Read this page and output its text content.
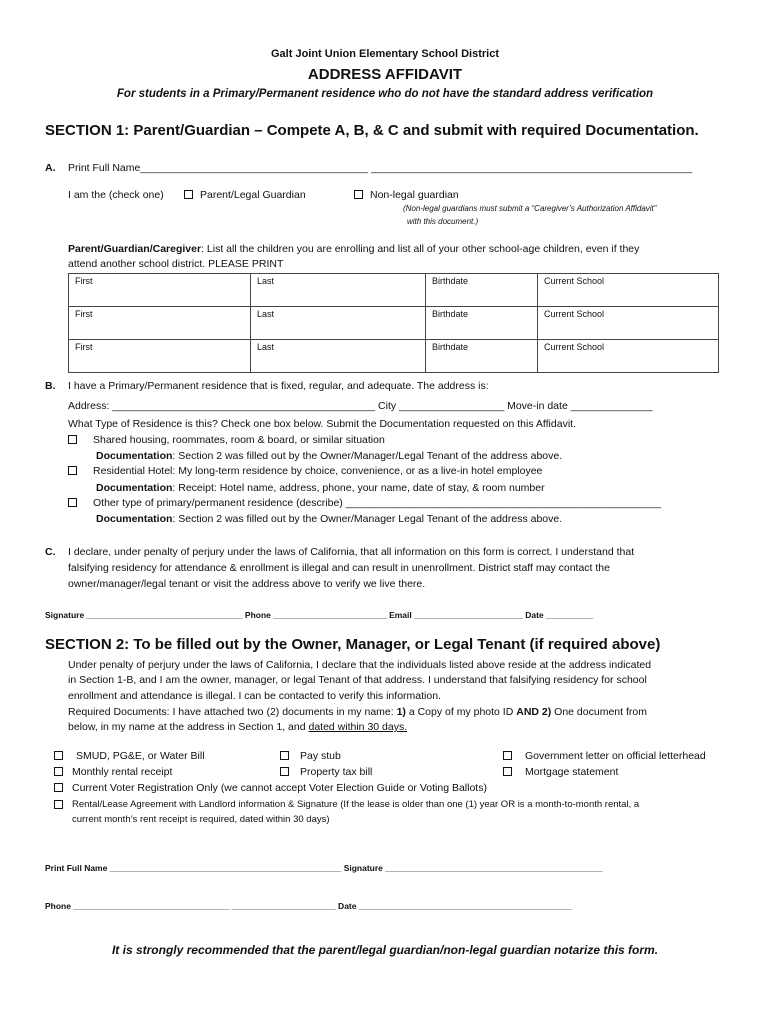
Galt Joint Union Elementary School District
ADDRESS AFFIDAVIT
For students in a Primary/Permanent residence who do not have the standard address verification
SECTION 1: Parent/Guardian – Compete A, B, & C and submit with required Documentation.
A. Print Full Name_______________________________________ _______________________________________________________
I am the (check one)	Parent/Legal Guardian	Non-legal guardian
(Non-legal guardians must submit a “Caregiver’s Authorization Affidavit”
with this document.)
Parent/Guardian/Caregiver: List all the children you are enrolling and list all of your other school-age children, even if they
attend another school district. PLEASE PRINT
First	Last	Birthdate	Current School
First	Last	Birthdate	Current School
First	Last	Birthdate	Current School
B. I have a Primary/Permanent residence that is fixed, regular, and adequate. The address is:
Address: _____________________________________________ City __________________ Move-in date ______________
What Type of Residence is this? Check one box below. Submit the Documentation requested on this Affidavit.
Shared housing, roommates, room & board, or similar situation
Documentation: Section 2 was filled out by the Owner/Manager/Legal Tenant of the address above.
Residential Hotel: My long-term residence by choice, convenience, or as a live-in hotel employee
Documentation: Receipt: Hotel name, address, phone, your name, date of stay, & room number
Other type of primary/permanent residence (describe) ______________________________________________________
Documentation: Section 2 was filled out by the Owner/Manager Legal Tenant of the address above.
C. I declare, under penalty of perjury under the laws of California, that all information on this form is correct. I understand that
falsifying residency for attendance & enrollment is illegal and can result in unenrollment. District staff may contact the
owner/manager/legal tenant or visit the address above to verify we live there.
Signature _________________________________ Phone ________________________ Email _______________________ Date __________
SECTION 2: To be filled out by the Owner, Manager, or Legal Tenant (if required above)
Under penalty of perjury under the laws of California, I declare that the individuals listed above reside at the address indicated
in Section 1-B, and I am the owner, manager, or legal Tenant of that address. I understand that falsifying residency for school
enrollment and attendance is illegal. I can be contacted to verify this information.
Required Documents: I have attached two (2) documents in my name: 1) a Copy of my photo ID AND 2) One document from
below, in my name at the address in Section 1, and dated within 30 days.
SMUD, PG&E, or Water Bill	Pay stub	Government letter on official letterhead
Monthly rental receipt	Property tax bill	Mortgage statement
Current Voter Registration Only (we cannot accept Voter Election Guide or Voting Ballots)
Rental/Lease Agreement with Landlord information & Signature (If the lease is older than one (1) year OR is a month-to-month rental, a
current month’s rent receipt is required, dated within 30 days)
Print Full Name _________________________________________________ Signature ______________________________________________
Phone _________________________________ ______________________ Date _____________________________________________
It is strongly recommended that the parent/legal guardian/non-legal guardian notarize this form.
